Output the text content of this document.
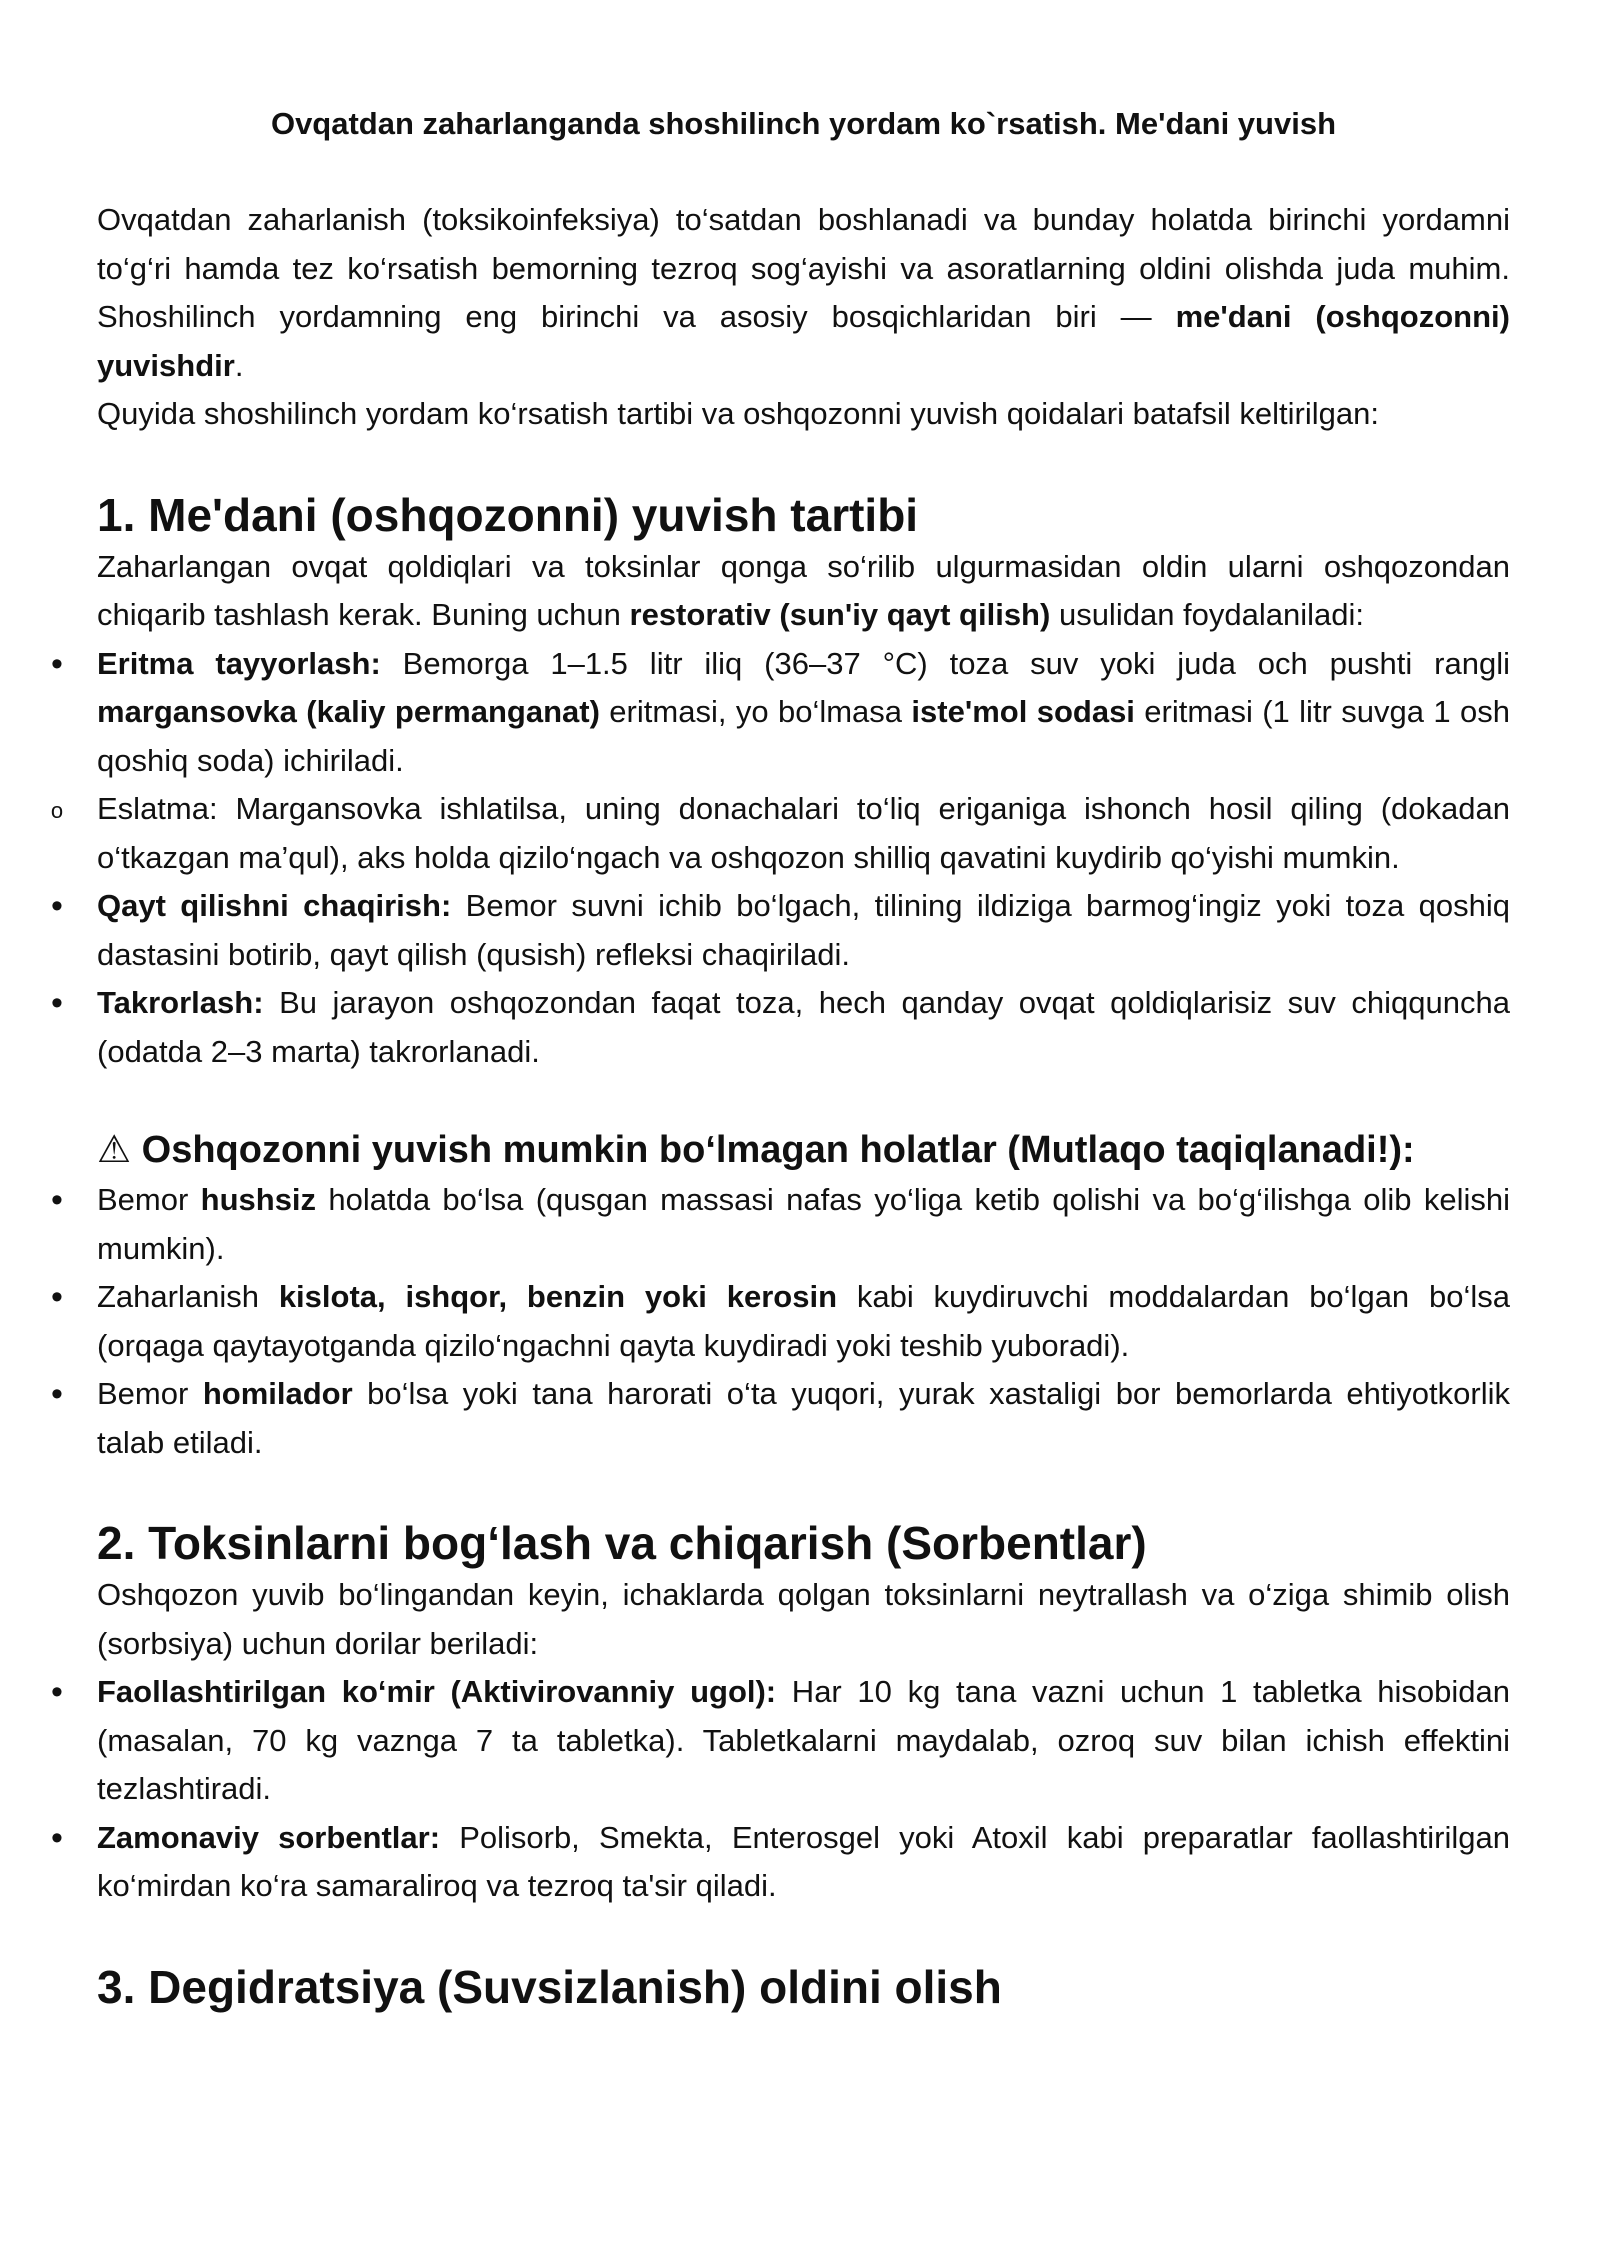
Ovqatdan zaharlanganda shoshilinch yordam ko`rsatish. Me'dani yuvish

Ovqatdan zaharlanish (toksikoinfeksiya) to‘satdan boshlanadi va bunday holatda birinchi yordamni to‘g‘ri hamda tez ko‘rsatish bemorning tezroq sog‘ayishi va asoratlarning oldini olishda juda muhim. Shoshilinch yordamning eng birinchi va asosiy bosqichlaridan biri — me'dani (oshqozonni) yuvishdir.

Quyida shoshilinch yordam ko‘rsatish tartibi va oshqozonni yuvish qoidalari batafsil keltirilgan:

1. Me'dani (oshqozonni) yuvish tartibi

Zaharlangan ovqat qoldiqlari va toksinlar qonga so‘rilib ulgurmasidan oldin ularni oshqozondan chiqarib tashlash kerak. Buning uchun restorativ (sun'iy qayt qilish) usulidan foydalaniladi:

• Eritma tayyorlash: Bemorga 1–1.5 litr iliq (36–37 °C) toza suv yoki juda och pushti rangli margansovka (kaliy permanganat) eritmasi, yo bo‘lmasa iste'mol sodasi eritmasi (1 litr suvga 1 osh qoshiq soda) ichiriladi.
o Eslatma: Margansovka ishlatilsa, uning donachalari to‘liq eriganiga ishonch hosil qiling (dokadan o‘tkazgan ma’qul), aks holda qizilo‘ngach va oshqozon shilliq qavatini kuydirib qo‘yishi mumkin.
• Qayt qilishni chaqirish: Bemor suvni ichib bo‘lgach, tilining ildiziga barmog‘ingiz yoki toza qoshiq dastasini botirib, qayt qilish (qusish) refleksi chaqiriladi.
• Takrorlash: Bu jarayon oshqozondan faqat toza, hech qanday ovqat qoldiqlarisiz suv chiqquncha (odatda 2–3 marta) takrorlanadi.
⚠ Oshqozonni yuvish mumkin bo‘lmagan holatlar (Mutlaqo taqiqlanadi!):
• Bemor hushsiz holatda bo‘lsa (qusgan massasi nafas yo‘liga ketib qolishi va bo‘g‘ilishga olib kelishi mumkin).
• Zaharlanish kislota, ishqor, benzin yoki kerosin kabi kuydiruvchi moddalardan bo‘lgan bo‘lsa (orqaga qaytayotganda qizilo‘ngachni qayta kuydiradi yoki teshib yuboradi).
• Bemor homilador bo‘lsa yoki tana harorati o‘ta yuqori, yurak xastaligi bor bemorlarda ehtiyotkorlik talab etiladi.
2. Toksinlarni bog‘lash va chiqarish (Sorbentlar)

Oshqozon yuvib bo‘lingandan keyin, ichaklarda qolgan toksinlarni neytrallash va o‘ziga shimib olish (sorbsiya) uchun dorilar beriladi:

• Faollashtirilgan ko‘mir (Aktivirovanniy ugol): Har 10 kg tana vazni uchun 1 tabletka hisobidan (masalan, 70 kg vaznga 7 ta tabletka). Tabletkalarni maydalab, ozroq suv bilan ichish effektini tezlashtiradi.
• Zamonaviy sorbentlar: Polisorb, Smekta, Enterosgel yoki Atoxil kabi preparatlar faollashtirilgan ko‘mirdan ko‘ra samaraliroq va tezroq ta'sir qiladi.
3. Degidratsiya (Suvsizlanish) oldini olish
